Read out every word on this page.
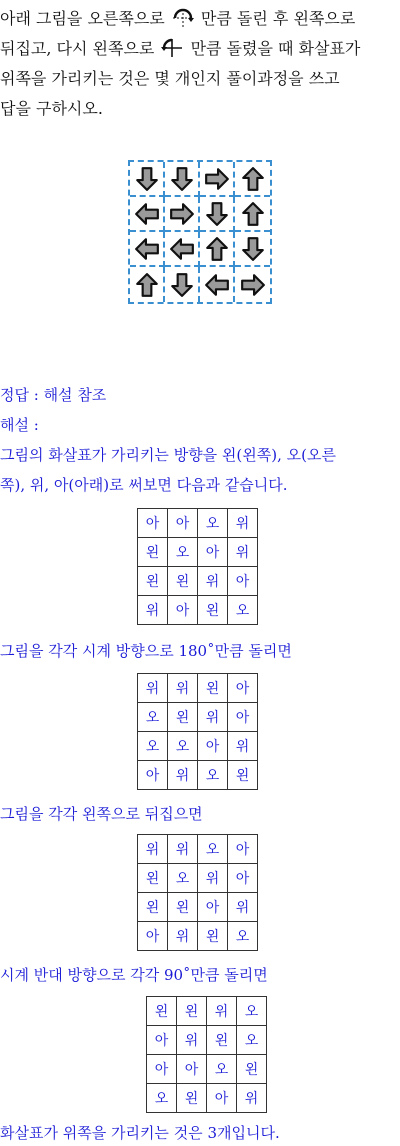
아래 그림을 오른쪽으로 만큼 돌린 후 왼쪽으로

뒤집고, 다시 왼쪽으로 만큼 돌렸을 때 화살표가

위쪽을 가리키는 것은 몇 개인지 풀이과정을 쓰고

답을 구하시오.

정답 : 해설 참조
해설 :
그림의 화살표가 가리키는 방향을 왼(왼쪽), 오(오른
쪽), 위, 아(아래)로 써보면 다음과 같습니다.
아	아	오	위
왼	오	아	위
왼	왼	위	아
위	아	왼	오
그림을 각각 시계 방향으로 180˚만큼 돌리면
위	위	왼	아
오	왼	위	아
오	오	아	위
아	위	오	왼
그림을 각각 왼쪽으로 뒤집으면
위	위	오	아
왼	오	위	아
왼	왼	아	위
아	위	왼	오
시계 반대 방향으로 각각 90˚만큼 돌리면
왼	왼	위	오
아	위	왼	오
아	아	오	왼
오	왼	아	위
화살표가 위쪽을 가리키는 것은 3개입니다.
